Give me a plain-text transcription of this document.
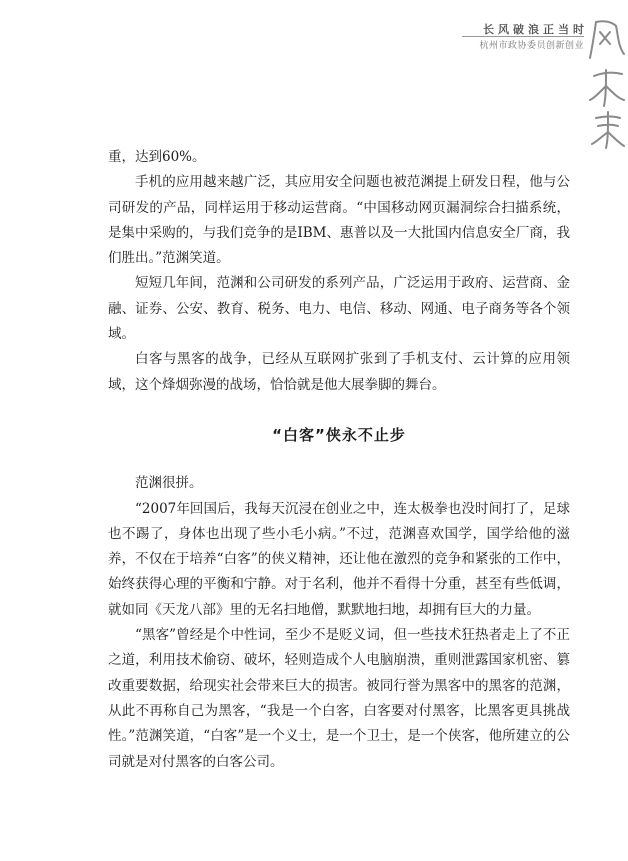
长风破浪正当时
杭州市政协委员创新创业

重，达到60%。

手机的应用越来越广泛，其应用安全问题也被范渊提上研发日程，他与公司研发的产品，同样运用于移动运营商。“中国移动网页漏洞综合扫描系统，是集中采购的，与我们竞争的是IBM、惠普以及一大批国内信息安全厂商，我们胜出。”范渊笑道。

短短几年间，范渊和公司研发的系列产品，广泛运用于政府、运营商、金融、证券、公安、教育、税务、电力、电信、移动、网通、电子商务等各个领域。

白客与黑客的战争，已经从互联网扩张到了手机支付、云计算的应用领域，这个烽烟弥漫的战场，恰恰就是他大展拳脚的舞台。

“白客”侠永不止步

范渊很拼。

“2007年回国后，我每天沉浸在创业之中，连太极拳也没时间打了，足球也不踢了，身体也出现了些小毛小病。”不过，范渊喜欢国学，国学给他的滋养，不仅在于培养“白客”的侠义精神，还让他在激烈的竞争和紧张的工作中，始终获得心理的平衡和宁静。对于名利，他并不看得十分重，甚至有些低调，就如同《天龙八部》里的无名扫地僧，默默地扫地，却拥有巨大的力量。

“黑客”曾经是个中性词，至少不是贬义词，但一些技术狂热者走上了不正之道，利用技术偷窃、破坏，轻则造成个人电脑崩溃，重则泄露国家机密、篡改重要数据，给现实社会带来巨大的损害。被同行誉为黑客中的黑客的范渊，从此不再称自己为黑客，“我是一个白客，白客要对付黑客，比黑客更具挑战性。”范渊笑道，“白客”是一个义士，是一个卫士，是一个侠客，他所建立的公司就是对付黑客的白客公司。
